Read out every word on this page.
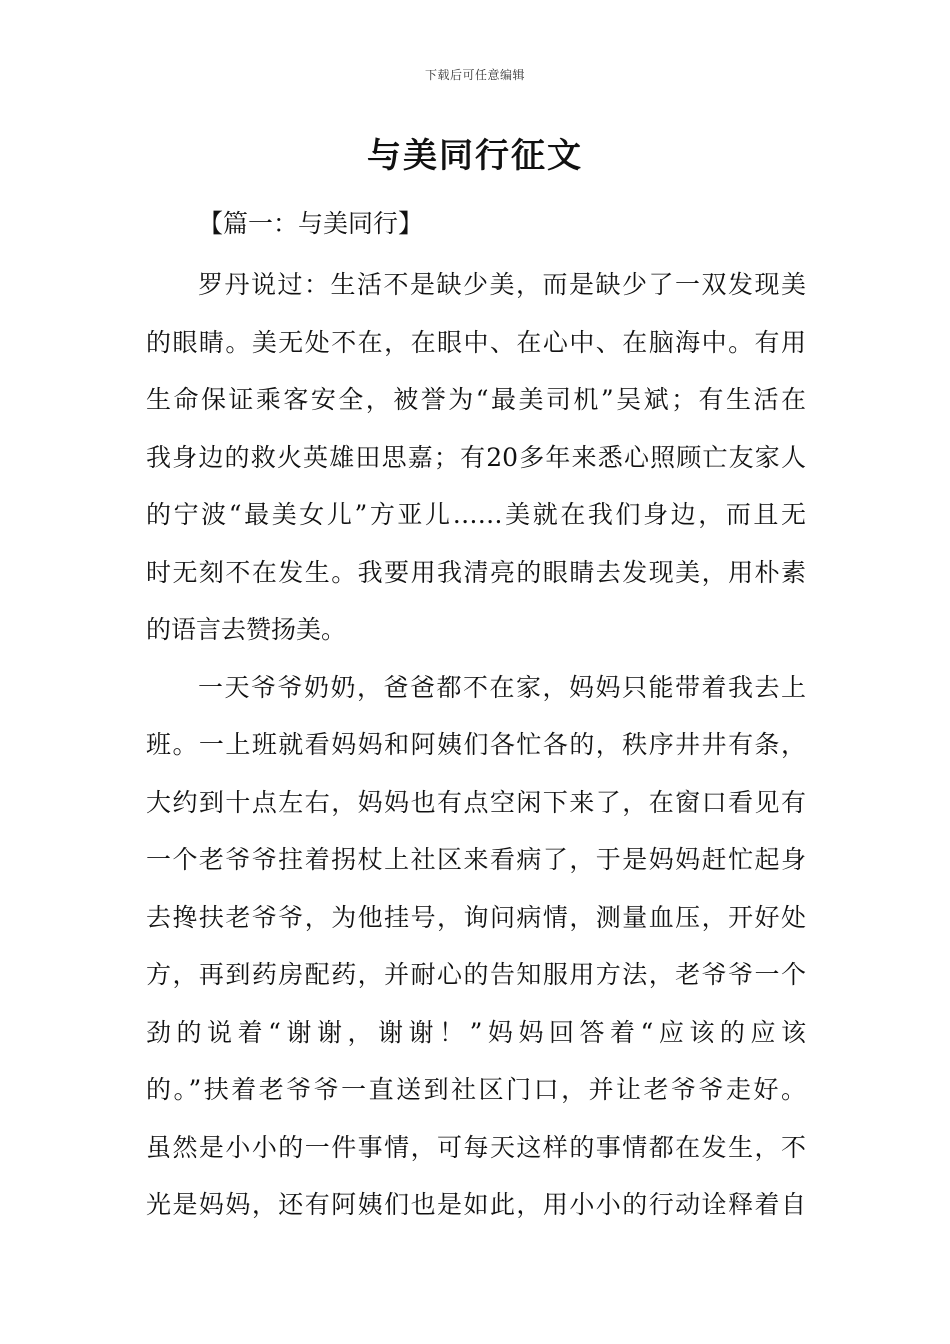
下载后可任意编辑
与美同行征文
【篇一：与美同行】
罗丹说过：生活不是缺少美，而是缺少了一双发现美
的眼睛。美无处不在，在眼中、在心中、在脑海中。有用
生命保证乘客安全，被誉为“最美司机”吴斌；有生活在
我身边的救火英雄田思嘉；有20多年来悉心照顾亡友家人
的宁波“最美女儿”方亚儿……美就在我们身边，而且无
时无刻不在发生。我要用我清亮的眼睛去发现美，用朴素
的语言去赞扬美。
一天爷爷奶奶，爸爸都不在家，妈妈只能带着我去上
班。一上班就看妈妈和阿姨们各忙各的，秩序井井有条，
大约到十点左右，妈妈也有点空闲下来了，在窗口看见有
一个老爷爷拄着拐杖上社区来看病了，于是妈妈赶忙起身
去搀扶老爷爷，为他挂号，询问病情，测量血压，开好处
方，再到药房配药，并耐心的告知服用方法，老爷爷一个
劲的说着“谢谢，谢谢！”妈妈回答着“应该的应该
的。”扶着老爷爷一直送到社区门口，并让老爷爷走好。
虽然是小小的一件事情，可每天这样的事情都在发生，不
光是妈妈，还有阿姨们也是如此，用小小的行动诠释着自
